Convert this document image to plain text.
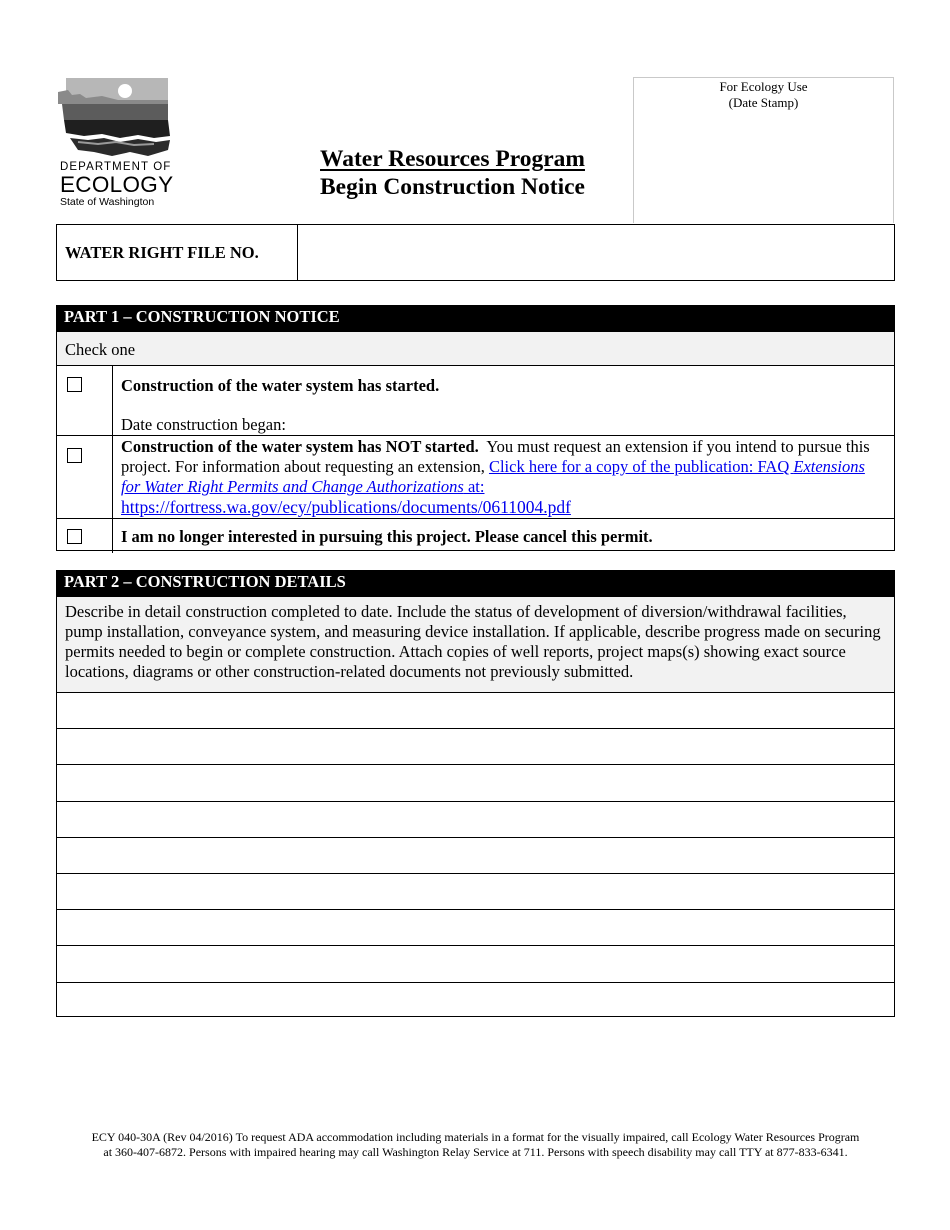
DEPARTMENT OF
ECOLOGY
State of Washington
Water Resources Program
Begin Construction Notice
For Ecology Use
(Date Stamp)
WATER RIGHT FILE NO.
PART 1 – CONSTRUCTION NOTICE
Check one
Construction of the water system has started.
Date construction began:
Construction of the water system has NOT started. You must request an extension if you intend to pursue this project. For information about requesting an extension, Click here for a copy of the publication: FAQ Extensions for Water Right Permits and Change Authorizations at:
https://fortress.wa.gov/ecy/publications/documents/0611004.pdf
I am no longer interested in pursuing this project. Please cancel this permit.
PART 2 – CONSTRUCTION DETAILS
Describe in detail construction completed to date. Include the status of development of diversion/withdrawal facilities, pump installation, conveyance system, and measuring device installation. If applicable, describe progress made on securing permits needed to begin or complete construction. Attach copies of well reports, project maps(s) showing exact source locations, diagrams or other construction-related documents not previously submitted.
ECY 040-30A (Rev 04/2016) To request ADA accommodation including materials in a format for the visually impaired, call Ecology Water Resources Program
at 360-407-6872. Persons with impaired hearing may call Washington Relay Service at 711. Persons with speech disability may call TTY at 877-833-6341.
